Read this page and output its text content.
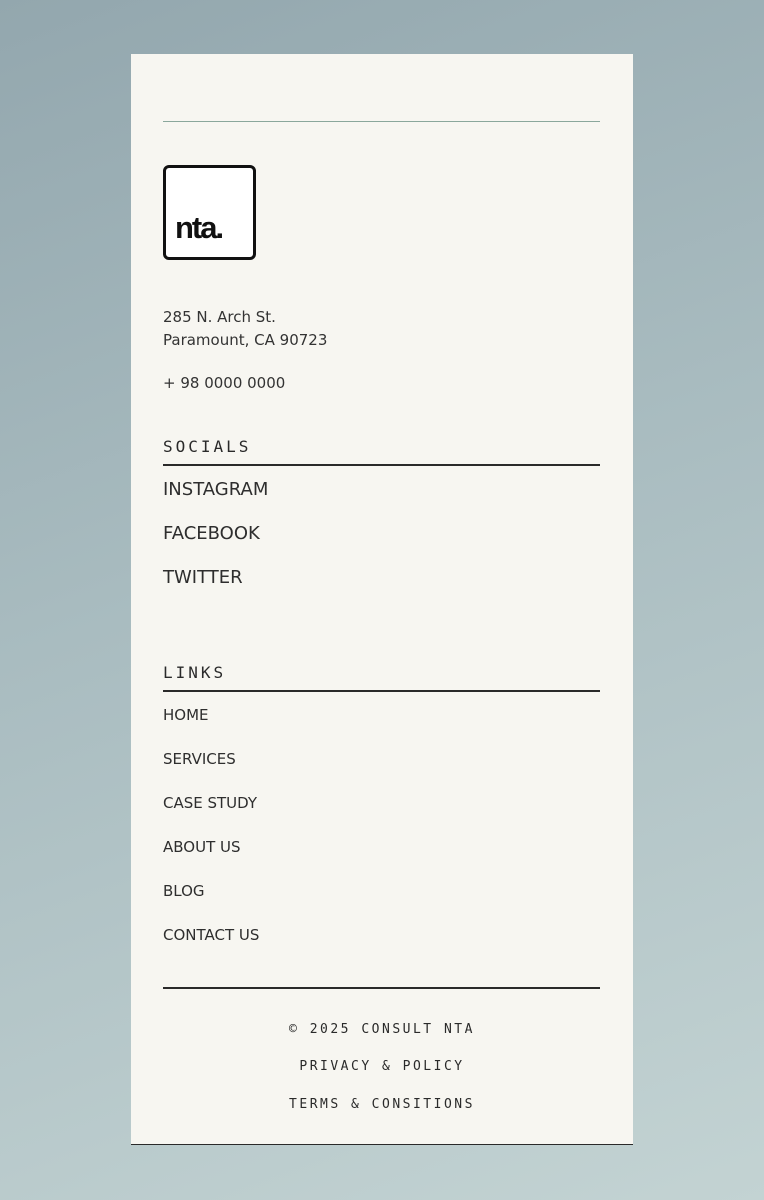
nta.
285 N. Arch St.
Paramount, CA 90723
+ 98 0000 0000
SOCIALS
INSTAGRAM
FACEBOOK
TWITTER
LINKS
HOME
SERVICES
CASE STUDY
ABOUT US
BLOG
CONTACT US
© 2025 CONSULT NTA
PRIVACY & POLICY
TERMS & CONSITIONS
